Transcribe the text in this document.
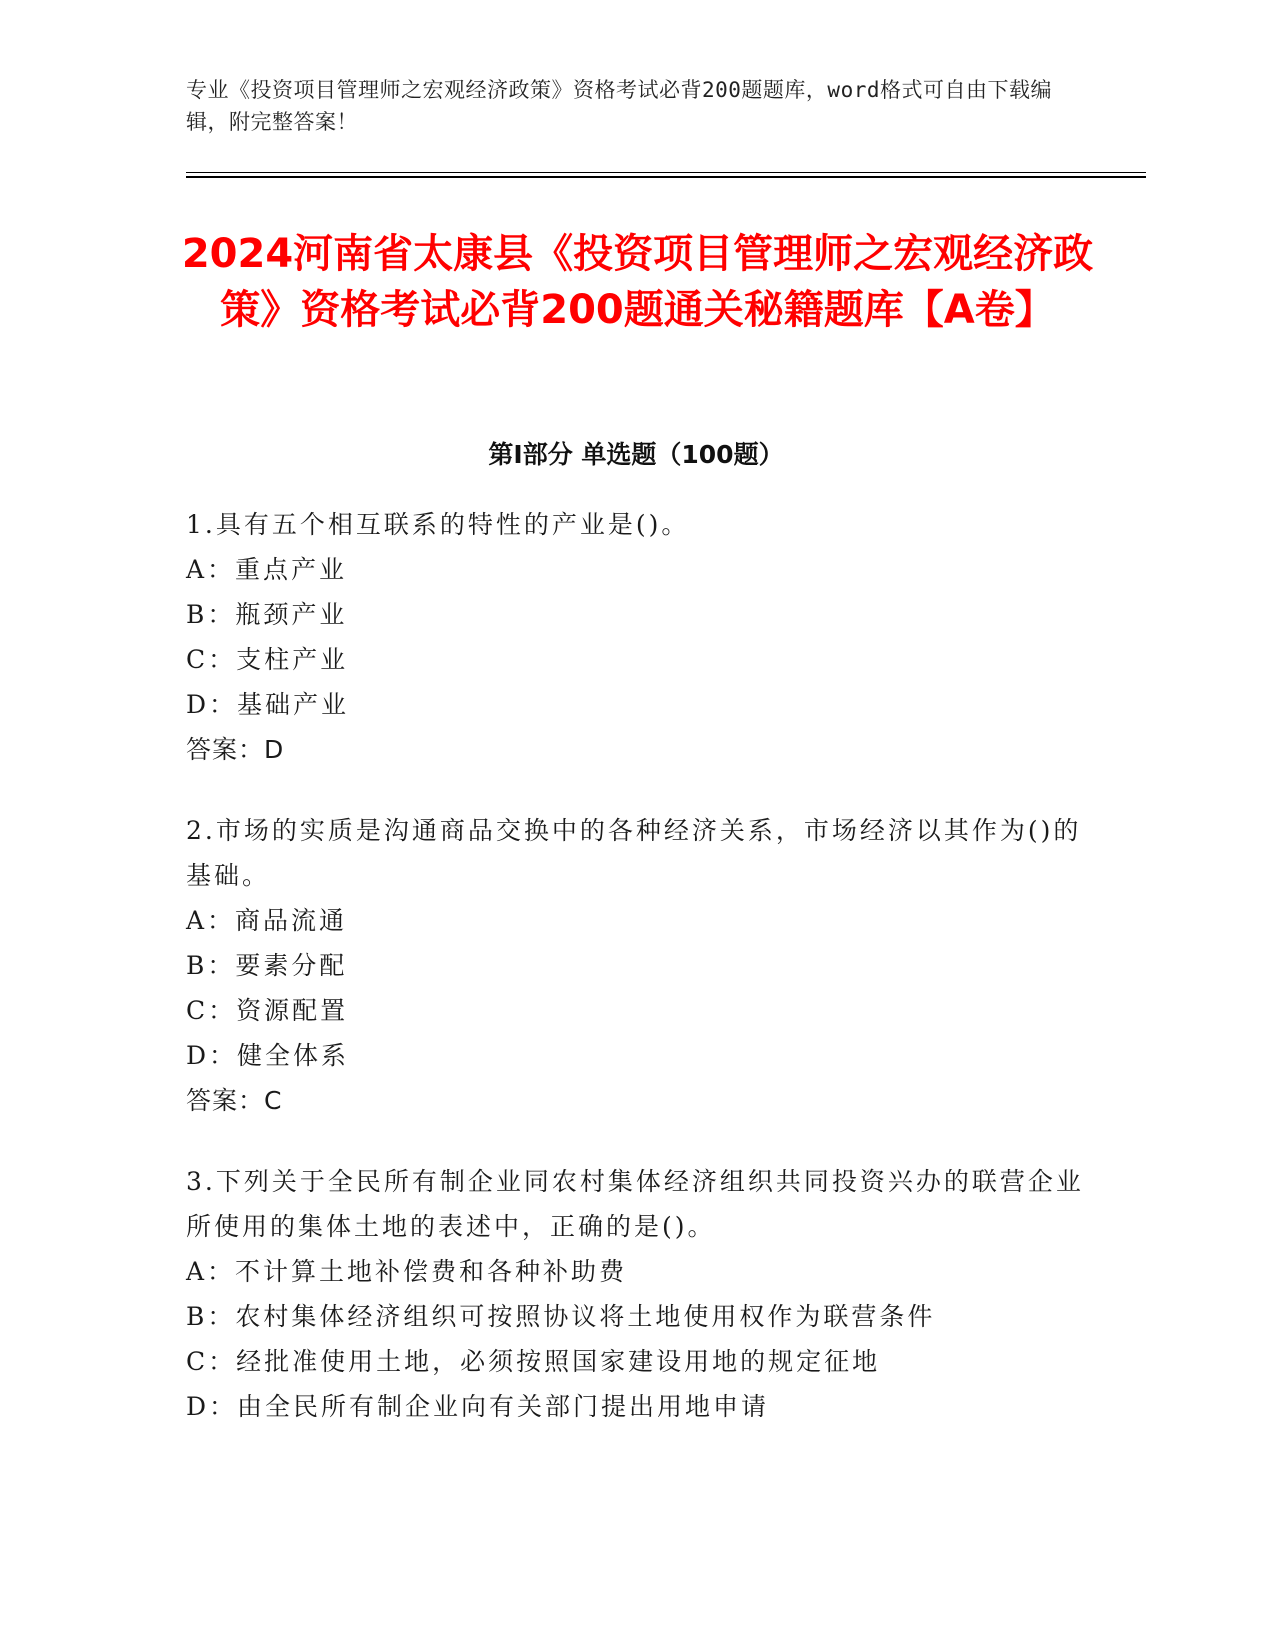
专业《投资项目管理师之宏观经济政策》资格考试必背200题题库，word格式可自由下载编辑，附完整答案！
2024河南省太康县《投资项目管理师之宏观经济政策》资格考试必背200题通关秘籍题库【A卷】
第I部分 单选题（100题）

1.具有五个相互联系的特性的产业是()。

A：重点产业

B：瓶颈产业

C：支柱产业

D：基础产业

答案：D

2.市场的实质是沟通商品交换中的各种经济关系，市场经济以其作为()的基础。

A：商品流通

B：要素分配

C：资源配置

D：健全体系

答案：C

3.下列关于全民所有制企业同农村集体经济组织共同投资兴办的联营企业所使用的集体土地的表述中，正确的是()。

A：不计算土地补偿费和各种补助费

B：农村集体经济组织可按照协议将土地使用权作为联营条件

C：经批准使用土地，必须按照国家建设用地的规定征地

D：由全民所有制企业向有关部门提出用地申请
